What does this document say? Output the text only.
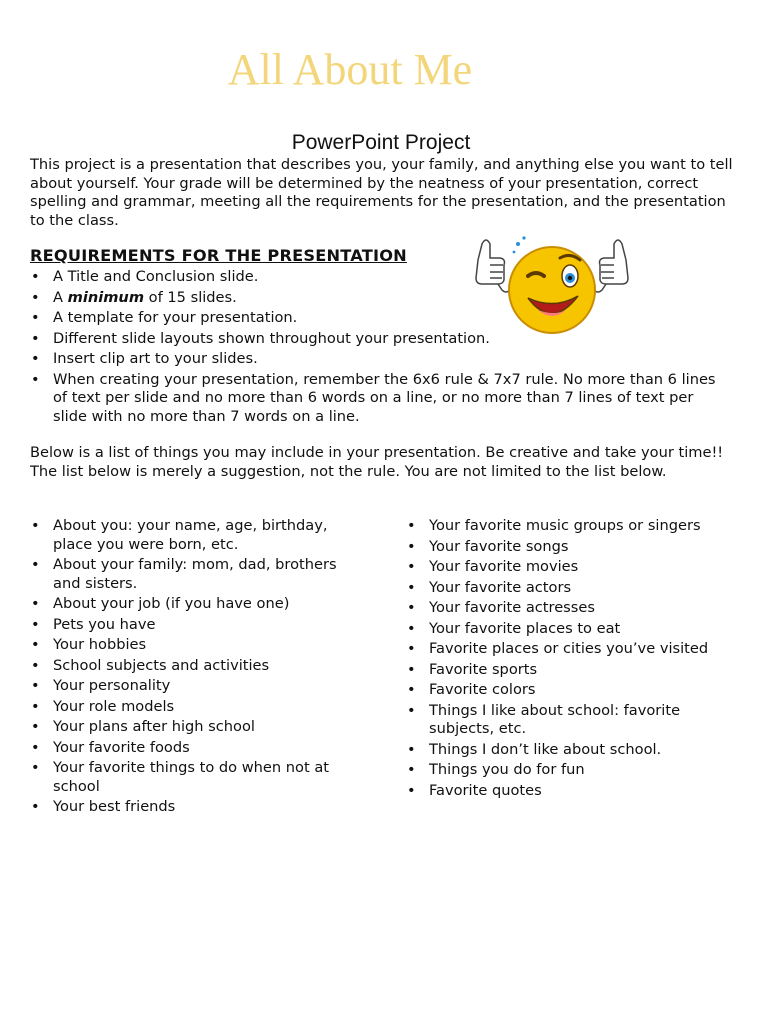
All About Me
PowerPoint Project

This project is a presentation that describes you, your family, and anything else you want to tell about yourself. Your grade will be determined by the neatness of your presentation, correct spelling and grammar, meeting all the requirements for the presentation, and the presentation to the class.

REQUIREMENTS FOR THE PRESENTATION
• A Title and Conclusion slide.
• A minimum of 15 slides.
• A template for your presentation.
• Different slide layouts shown throughout your presentation.
• Insert clip art to your slides.
• When creating your presentation, remember the 6x6 rule & 7x7 rule. No more than 6 lines of text per slide and no more than 6 words on a line, or no more than 7 lines of text per slide with no more than 7 words on a line.

Below is a list of things you may include in your presentation. Be creative and take your time!! The list below is merely a suggestion, not the rule. You are not limited to the list below.

• About you: your name, age, birthday, place you were born, etc.
• About your family: mom, dad, brothers and sisters.
• About your job (if you have one)
• Pets you have
• Your hobbies
• School subjects and activities
• Your personality
• Your role models
• Your plans after high school
• Your favorite foods
• Your favorite things to do when not at school
• Your best friends
• Your favorite music groups or singers
• Your favorite songs
• Your favorite movies
• Your favorite actors
• Your favorite actresses
• Your favorite places to eat
• Favorite places or cities you’ve visited
• Favorite sports
• Favorite colors
• Things I like about school: favorite subjects, etc.
• Things I don’t like about school.
• Things you do for fun
• Favorite quotes
